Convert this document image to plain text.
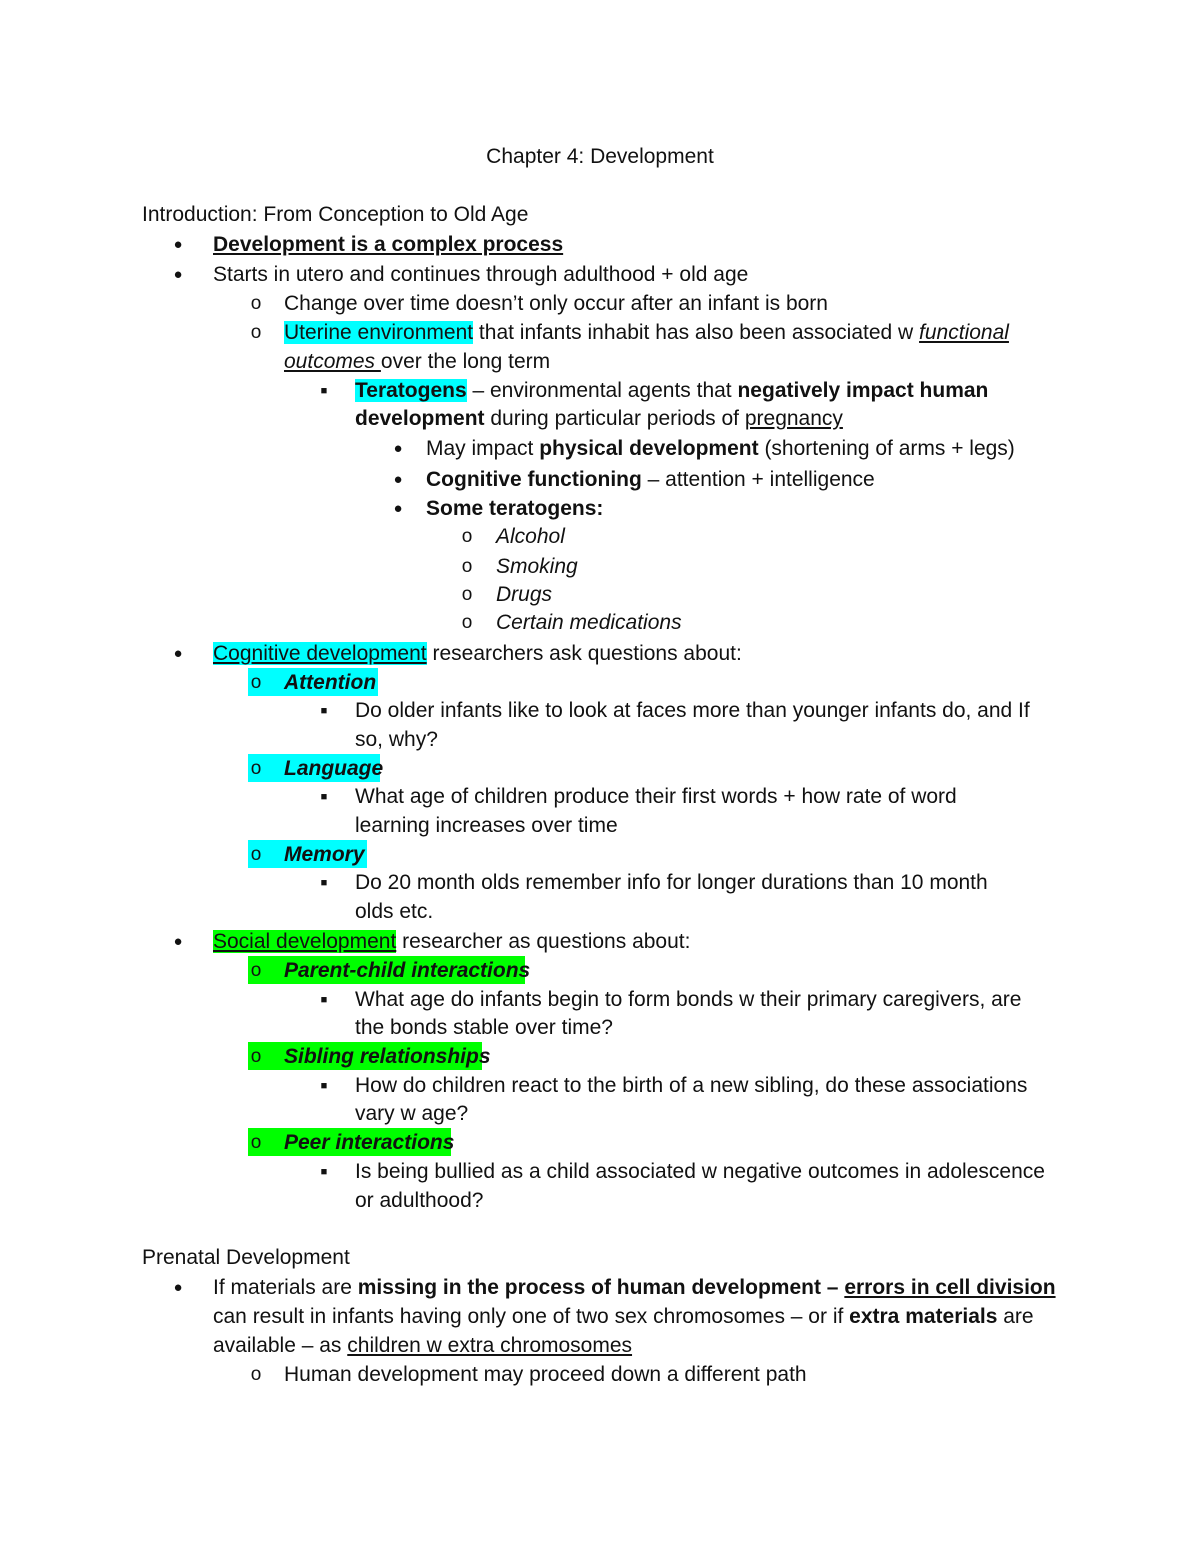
Chapter 4: Development
Introduction: From Conception to Old Age
●	Development is a complex process
●	Starts in utero and continues through adulthood + old age
o	Change over time doesn’t only occur after an infant is born
o	Uterine environment that infants inhabit has also been associated w functional
outcomes over the long term
■	Teratogens – environmental agents that negatively impact human
development during particular periods of pregnancy
●	May impact physical development (shortening of arms + legs)
●	Cognitive functioning – attention + intelligence
●	Some teratogens:
o	Alcohol
o	Smoking
o	Drugs
o	Certain medications
●	Cognitive development researchers ask questions about:
o	Attention
■	Do older infants like to look at faces more than younger infants do, and If
so, why?
o	Language
■	What age of children produce their first words + how rate of word
learning increases over time
o	Memory
■	Do 20 month olds remember info for longer durations than 10 month
olds etc.
●	Social development researcher as questions about:
o	Parent-child interactions
■	What age do infants begin to form bonds w their primary caregivers, are
the bonds stable over time?
o	Sibling relationships
■	How do children react to the birth of a new sibling, do these associations
vary w age?
o	Peer interactions
■	Is being bullied as a child associated w negative outcomes in adolescence
or adulthood?
Prenatal Development
●	If materials are missing in the process of human development – errors in cell division
can result in infants having only one of two sex chromosomes – or if extra materials are
available – as children w extra chromosomes
o	Human development may proceed down a different path
